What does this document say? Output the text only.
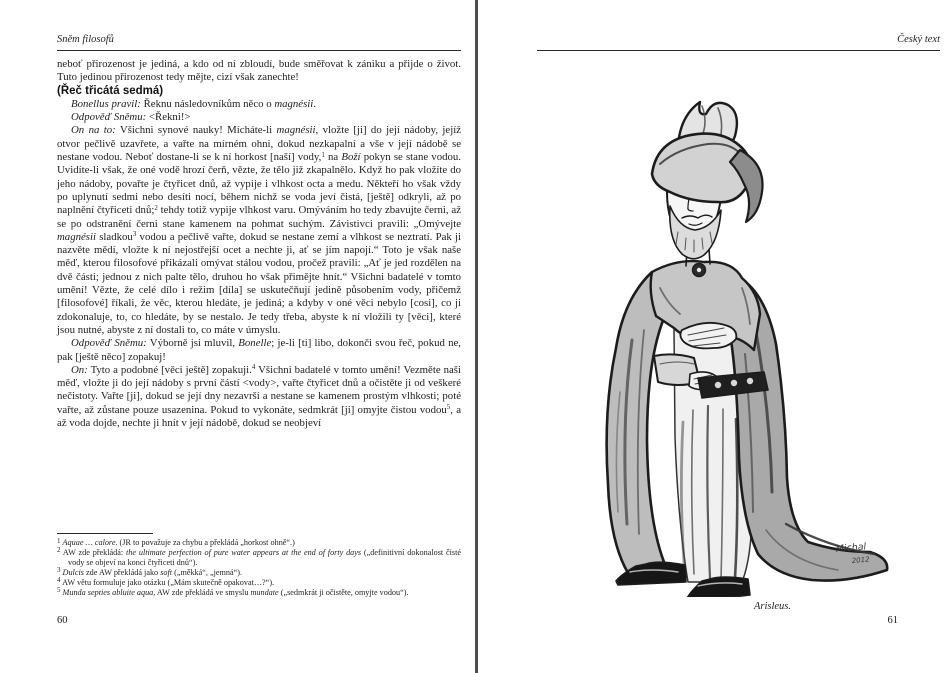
Sněm filosofů

neboť přirozenost je jediná, a kdo od ní zbloudí, bude směřovat k zániku a přijde o život. Tuto jedinou přirozenost tedy mějte, cizí však zanechte!

(Řeč třicátá sedmá)

Bonellus pravil: Řeknu následovníkům něco o magnésii.

Odpověď Sněmu: <Řekni!>

On na to: Všichni synové nauky! Mícháte-li magnésii, vložte [ji] do její nádoby, jejíž otvor pečlivě uzavřete, a vařte na mírném ohni, dokud nezkapalní a vše v její nádobě se nestane vodou. Neboť dostane-li se k ní horkost [naší] vody,$^1$ na Boží pokyn se stane vodou. Uvidíte-li však, že oné vodě hrozí čerň, vězte, že tělo již zkapalnělo. Když ho pak vložíte do jeho nádoby, povařte je čtyřicet dnů, až vypije i vlhkost octa a medu. Někteří ho však vždy po uplynutí sedmi nebo desíti nocí, během nichž se voda jeví čistá, [ještě] odkryli, až po naplnění čtyřiceti dnů;$^2$ tehdy totiž vypije vlhkost varu. Omýváním ho tedy zbavujte černi, až se po odstranění černi stane kamenem na pohmat suchým. Závistivci pravili: „Omývejte magnésii sladkou$^3$ vodou a pečlivě vařte, dokud se nestane zemí a vlhkost se neztratí. Pak ji nazvěte mědí, vložte k ní nejostřejší ocet a nechte ji, ať se jím napojí.“ Toto je však naše měď, kterou filosofové přikázali omývat stálou vodou, pročež pravili: „Ať je jed rozdělen na dvě části; jednou z nich palte tělo, druhou ho však přimějte hnít.“ Všichni badatelé v tomto umění! Vězte, že celé dílo i režim [díla] se uskutečňují jedině působením vody, přičemž [filosofové] říkali, že věc, kterou hledáte, je jediná; a kdyby v oné věci nebylo [cosi], co ji zdokonaluje, to, co hledáte, by se nestalo. Je tedy třeba, abyste k ní vložili ty [věci], které jsou nutné, abyste z ní dostali to, co máte v úmyslu.

Odpověď Sněmu: Výborně jsi mluvil, Bonelle; je-li [ti] libo, dokonči svou řeč, pokud ne, pak [ještě něco] zopakuj!

On: Tyto a podobné [věci ještě] zopakuji.$^4$ Všichni badatelé v tomto umění! Vezměte naši měď, vložte ji do její nádoby s první částí <vody>, vařte čtyřicet dnů a očistěte ji od veškeré nečistoty. Vařte [ji], dokud se její dny nezavrší a nestane se kamenem prostým vlhkosti; poté vařte, až zůstane pouze usazenina. Pokud to vykonáte, sedmkrát [ji] omyjte čistou vodou$^5$, a až voda dojde, nechte ji hnít v její nádobě, dokud se neobjeví

$^1$ Aquae … calore. (JR to považuje za chybu a překládá „horkost ohně“.)

$^2$ AW zde překládá: the ultimate perfection of pure water appears at the end of forty days („definitivní dokonalost čisté vody se objeví na konci čtyřiceti dnů“).

$^3$ Dulcis zde AW překládá jako soft („měkká“, „jemná“).

$^4$ AW větu formuluje jako otázku („Mám skutečně opakovat…?“).

$^5$ Munda septies abluite aqua, AW zde překládá ve smyslu mundate („sedmkrát ji očistěte, omyjte vodou“).

60
Český text
Michal
2012
Arisleus.
61
